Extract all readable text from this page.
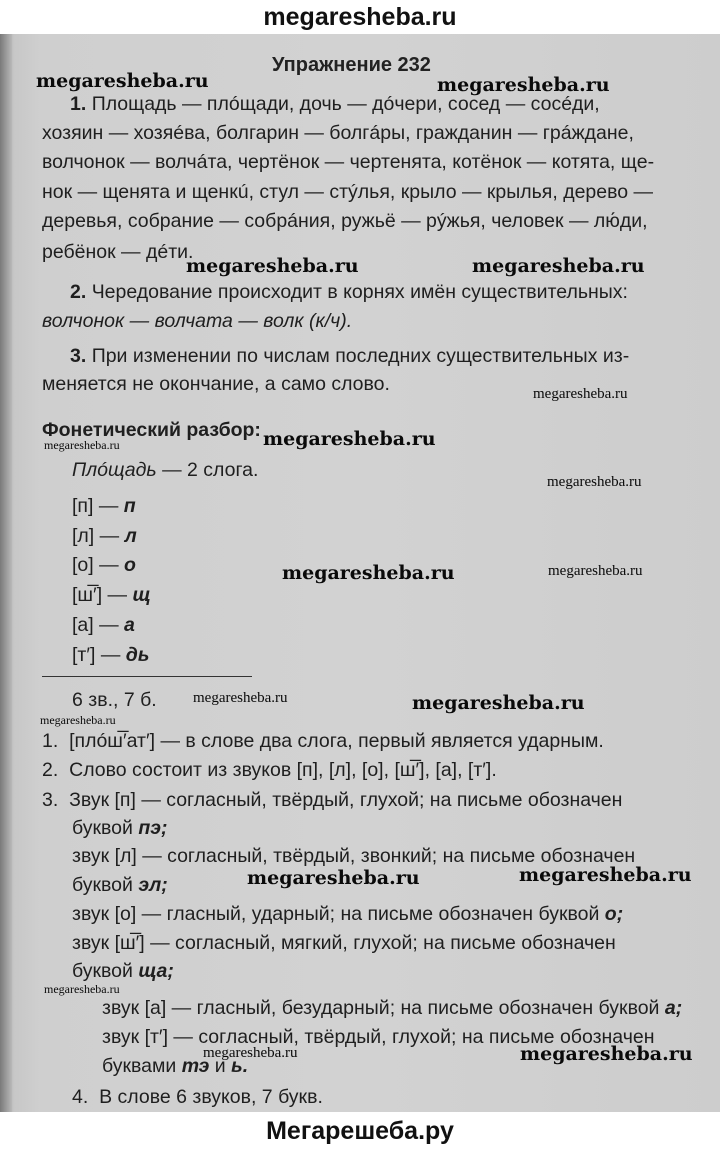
megaresheba.ru
Упражнение 232
1. Площадь — плóщади, дочь — дóчери, сосед — сосéди,
хозяин — хозяéва, болгарин — болгáры, гражданин — грáждане,
волчонок — волчáта, чертёнок — чертенята, котёнок — котята, щe-
нок — щенята и щенкú, стул — стýлья, крыло — крылья, дерево —
деревья, собрание — собрáния, ружьё — рýжья, человек — лю́ди,
ребёнок — дéти.
2. Чередование происходит в корнях имён существительных:
волчонок — волчата — волк (к/ч).
3. При изменении по числам последних существительных из-
меняется не окончание, а само слово.
Фонетический разбор:
Плóщадь — 2 слога.
[п] — п
[л] — л
[о] — о
[ш̅′] — щ
[а] — а
[т′] — дь
6 зв., 7 б.
1. [плóш̅′ат′] — в слове два слога, первый является ударным.
2. Слово состоит из звуков [п], [л], [о], [ш̅′], [а], [т′].
3. Звук [п] — согласный, твёрдый, глухой; на письме обозначен
буквой пэ;
звук [л] — согласный, твёрдый, звонкий; на письме обозначен
буквой эл;
звук [о] — гласный, ударный; на письме обозначен буквой о;
звук [ш̅′] — согласный, мягкий, глухой; на письме обозначен
буквой ща;
звук [а] — гласный, безударный; на письме обозначен буквой а;
звук [т′] — согласный, твёрдый, глухой; на письме обозначен
буквами тэ и ь.
4. В слове 6 звуков, 7 букв.
megaresheba.ru	megaresheba.ru
megaresheba.ru	megaresheba.ru
megaresheba.ru
megaresheba.ru	megaresheba.ru
megaresheba.ru
megaresheba.ru	megaresheba.ru
megaresheba.ru	megaresheba.ru
megaresheba.ru
megaresheba.ru	megaresheba.ru
megaresheba.ru
megaresheba.ru	megaresheba.ru
Мегарешеба.ру
